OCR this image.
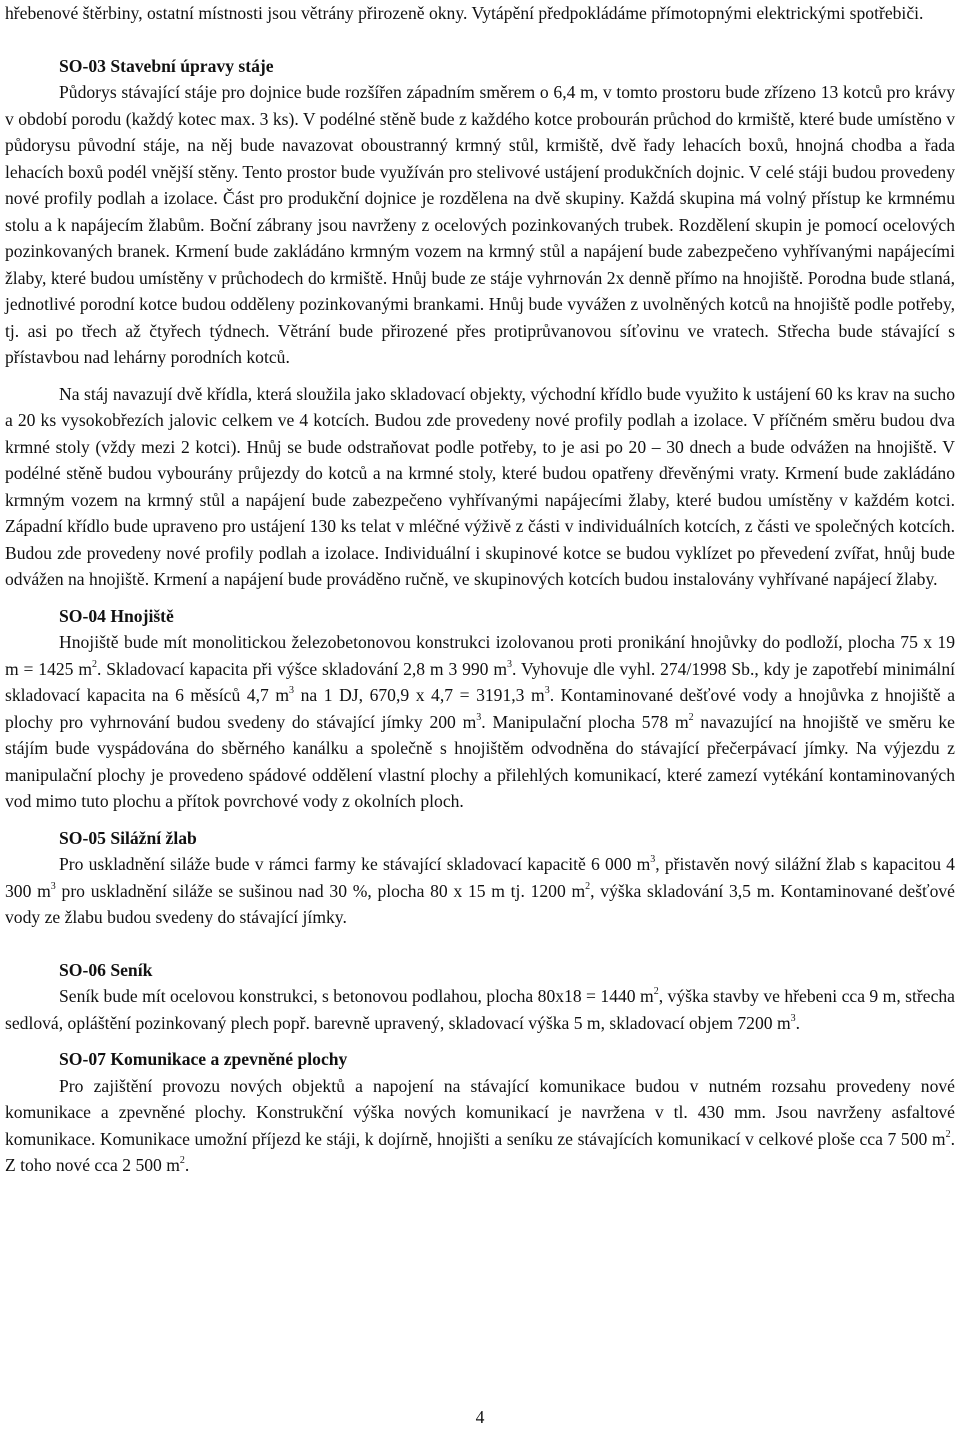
hřebenové štěrbiny, ostatní místnosti jsou větrány přirozeně okny. Vytápění předpokládáme přímotopnými elektrickými spotřebiči.

SO-03 Stavební úpravy stáje

Půdorys stávající stáje pro dojnice bude rozšířen západním směrem o 6,4 m, v tomto prostoru bude zřízeno 13 kotců pro krávy v období porodu (každý kotec max. 3 ks). V podélné stěně bude z každého kotce probourán průchod do krmiště, které bude umístěno v půdorysu původní stáje, na něj bude navazovat oboustranný krmný stůl, krmiště, dvě řady lehacích boxů, hnojná chodba a řada lehacích boxů podél vnější stěny. Tento prostor bude využíván pro stelivové ustájení produkčních dojnic. V celé stáji budou provedeny nové profily podlah a izolace. Část pro produkční dojnice je rozdělena na dvě skupiny. Každá skupina má volný přístup ke krmnému stolu a k napájecím žlabům. Boční zábrany jsou navrženy z ocelových pozinkovaných trubek. Rozdělení skupin je pomocí ocelových pozinkovaných branek. Krmení bude zakládáno krmným vozem na krmný stůl a napájení bude zabezpečeno vyhřívanými napájecími žlaby, které budou umístěny v průchodech do krmiště. Hnůj bude ze stáje vyhrnován 2x denně přímo na hnojiště. Porodna bude stlaná, jednotlivé porodní kotce budou odděleny pozinkovanými brankami. Hnůj bude vyvážen z uvolněných kotců na hnojiště podle potřeby, tj. asi po třech až čtyřech týdnech. Větrání bude přirozené přes protiprůvanovou síťovinu ve vratech. Střecha bude stávající s přístavbou nad lehárny porodních kotců.

Na stáj navazují dvě křídla, která sloužila jako skladovací objekty, východní křídlo bude využito k ustájení 60 ks krav na sucho a 20 ks vysokobřezích jalovic celkem ve 4 kotcích. Budou zde provedeny nové profily podlah a izolace. V příčném směru budou dva krmné stoly (vždy mezi 2 kotci). Hnůj se bude odstraňovat podle potřeby, to je asi po 20 – 30 dnech a bude odvážen na hnojiště. V podélné stěně budou vybourány průjezdy do kotců a na krmné stoly, které budou opatřeny dřevěnými vraty. Krmení bude zakládáno krmným vozem na krmný stůl a napájení bude zabezpečeno vyhřívanými napájecími žlaby, které budou umístěny v každém kotci. Západní křídlo bude upraveno pro ustájení 130 ks telat v mléčné výživě z části v individuálních kotcích, z části ve společných kotcích. Budou zde provedeny nové profily podlah a izolace. Individuální i skupinové kotce se budou vyklízet po převedení zvířat, hnůj bude odvážen na hnojiště. Krmení a napájení bude prováděno ručně, ve skupinových kotcích budou instalovány vyhřívané napájecí žlaby.

SO-04 Hnojiště

Hnojiště bude mít monolitickou železobetonovou konstrukci izolovanou proti pronikání hnojůvky do podloží, plocha 75 x 19 m = 1425 $m^2$. Skladovací kapacita při výšce skladování 2,8 m 3 990 $m^3$. Vyhovuje dle vyhl. 274/1998 Sb., kdy je zapotřebí minimální skladovací kapacita na 6 měsíců 4,7 $m^3$ na 1 DJ, 670,9 x 4,7 = 3191,3 $m^3$. Kontaminované dešťové vody a hnojůvka z hnojiště a plochy pro vyhrnování budou svedeny do stávající jímky 200 $m^3$. Manipulační plocha 578 $m^2$ navazující na hnojiště ve směru ke stájím bude vyspádována do sběrného kanálku a společně s hnojištěm odvodněna do stávající přečerpávací jímky. Na výjezdu z manipulační plochy je provedeno spádové oddělení vlastní plochy a přilehlých komunikací, které zamezí vytékání kontaminovaných vod mimo tuto plochu a přítok povrchové vody z okolních ploch.

SO-05 Silážní žlab

Pro uskladnění siláže bude v rámci farmy ke stávající skladovací kapacitě 6 000 $m^3$, přistavěn nový silážní žlab s kapacitou 4 300 $m^3$ pro uskladnění siláže se sušinou nad 30 %, plocha 80 x 15 m tj. 1200 $m^2$, výška skladování 3,5 m. Kontaminované dešťové vody ze žlabu budou svedeny do stávající jímky.

SO-06 Seník

Seník bude mít ocelovou konstrukci, s betonovou podlahou, plocha 80x18 = 1440 $m^2$, výška stavby ve hřebeni cca 9 m, střecha sedlová, opláštění pozinkovaný plech popř. barevně upravený, skladovací výška 5 m, skladovací objem 7200 $m^3$.

SO-07 Komunikace a zpevněné plochy

Pro zajištění provozu nových objektů a napojení na stávající komunikace budou v nutném rozsahu provedeny nové komunikace a zpevněné plochy. Konstrukční výška nových komunikací je navržena v tl. 430 mm. Jsou navrženy asfaltové komunikace. Komunikace umožní příjezd ke stáji, k dojírně, hnojišti a seníku ze stávajících komunikací v celkové ploše cca 7 500 $m^2$. Z toho nové cca 2 500 $m^2$.

4
